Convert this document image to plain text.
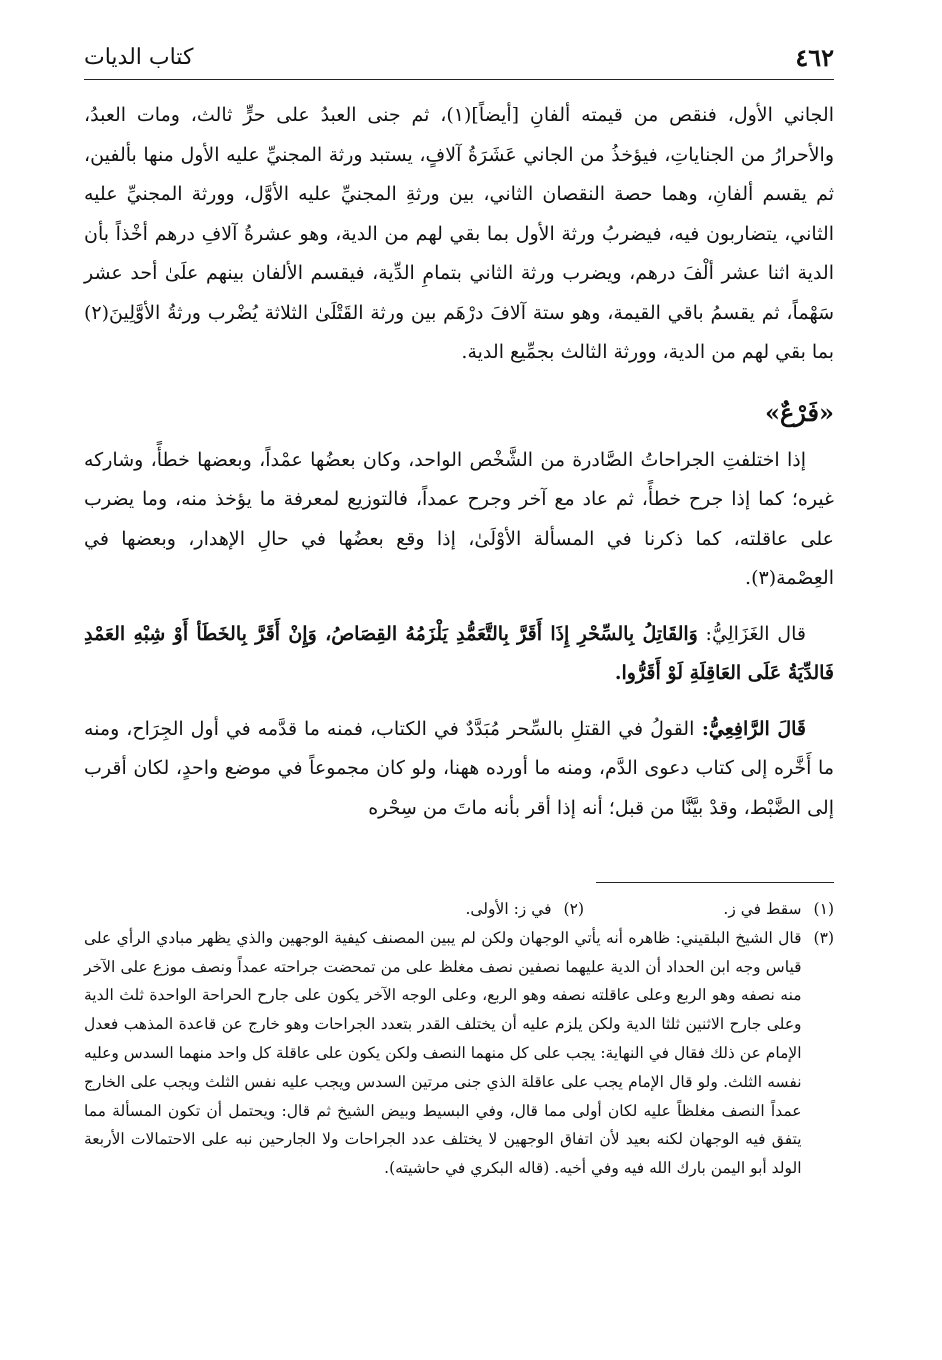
٤٦٢
كتاب الديات

الجاني الأول، فنقص من قيمته ألفانِ [أيضاً](١)، ثم جنى العبدُ على حرٍّ ثالث، ومات العبدُ، والأحرارُ من الجناياتِ، فيؤخذُ من الجاني عَشَرَةُ آلافٍ، يستبد ورثة المجنيِّ عليه الأول منها بألفين، ثم يقسم ألفانِ، وهما حصة النقصان الثاني، بين ورثةِ المجنيِّ عليه الأوَّل، وورثة المجنيِّ عليه الثاني، يتضاربون فيه، فيضربُ ورثة الأول بما بقي لهم من الدية، وهو عشرةُ آلافِ درهم أخْذاً بأن الدية اثنا عشر ألْفَ درهم، ويضرب ورثة الثاني بتمامِ الدِّية، فيقسم الألفان بينهم علَىٰ أحد عشر سَهْماً، ثم يقسمُ باقي القيمة، وهو ستة آلافَ درْهَم بين ورثة القَتْلَىٰ الثلاثة يُضْرب ورثةُ الأوَّلِينَ(٢) بما بقي لهم من الدية، وورثة الثالث بجمِّيع الدية.

«فَرْعٌ»

إذا اختلفتِ الجراحاتُ الصَّادرة من الشَّخْص الواحد، وكان بعضُها عمْداً، وبعضها خطأً، وشاركه غيره؛ كما إذا جرح خطأً، ثم عاد مع آخر وجرح عمداً، فالتوزيع لمعرفة ما يؤخذ منه، وما يضرب على عاقلته، كما ذكرنا في المسألة الأوْلَىٰ، إذا وقع بعضُها في حالِ الإهدار، وبعضها في العِصْمة(٣).

قال الغَزَالِيُّ: وَالقَاتِلُ بِالسِّحْرِ إِذَا أَقَرَّ بِالتَّعَمُّدِ يَلْزَمُهُ القِصَاصُ، وَإِنْ أَقَرَّ بِالخَطَأ أَوْ شِبْهِ العَمْدِ فَالدِّيَةُ عَلَى العَاقِلَةِ لَوْ أَقَرُّوا.

قَالَ الرَّافِعِيُّ: القولُ في القتلِ بالسِّحر مُبَدَّدٌ في الكتاب، فمنه ما قدَّمه في أول الجِرَاح، ومنه ما أَخَّره إلى كتاب دعوى الدَّم، ومنه ما أورده ههنا، ولو كان مجموعاً في موضع واحدٍ، لكان أقرب إلى الضَّبْط، وقدْ بيَّنَّا من قبل؛ أنه إذا أقر بأنه ماتَ من سِحْره

(١)
سقط في ز.
(٢)
في ز: الأولى.
(٣)
قال الشيخ البلقيني: ظاهره أنه يأتي الوجهان ولكن لم يبين المصنف كيفية الوجهين والذي يظهر مبادي الرأي على قياس وجه ابن الحداد أن الدية عليهما نصفين نصف مغلظ على من تمحضت جراحته عمداً ونصف موزع على الآخر منه نصفه وهو الربع وعلى عاقلته نصفه وهو الربع، وعلى الوجه الآخر يكون على جارح الحراحة الواحدة ثلث الدية وعلى جارح الاثنين ثلثا الدية ولكن يلزم عليه أن يختلف القدر بتعدد الجراحات وهو خارج عن قاعدة المذهب فعدل الإمام عن ذلك فقال في النهاية: يجب على كل منهما النصف ولكن يكون على عاقلة كل واحد منهما السدس وعليه نفسه الثلث. ولو قال الإمام يجب على عاقلة الذي جنى مرتين السدس ويجب عليه نفس الثلث ويجب على الخارج عمداً النصف مغلظاً عليه لكان أولى مما قال، وفي البسيط وبيض الشيخ ثم قال: ويحتمل أن تكون المسألة مما يتفق فيه الوجهان لكنه بعيد لأن اتفاق الوجهين لا يختلف عدد الجراحات ولا الجارحين نبه على الاحتمالات الأربعة الولد أبو اليمن بارك الله فيه وفي أخيه. (قاله البكري في حاشيته).
